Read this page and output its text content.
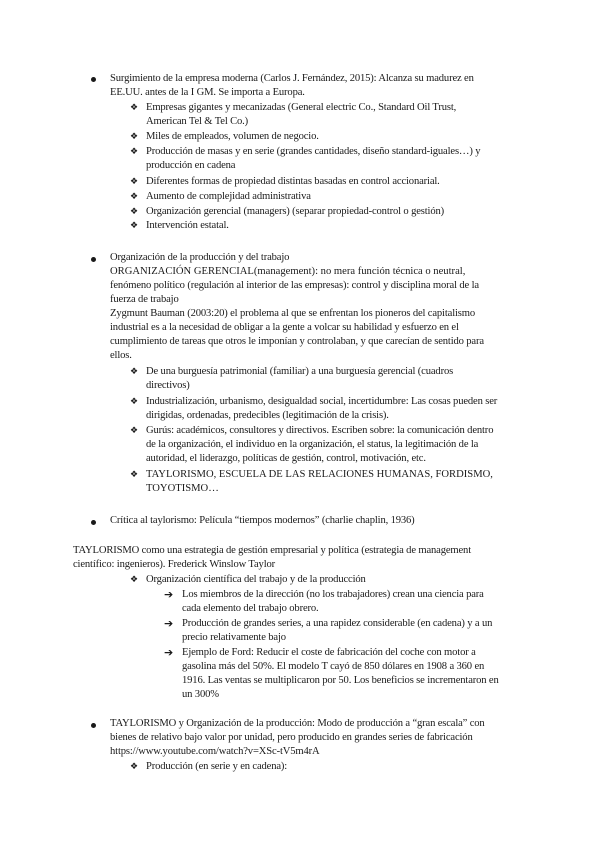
Surgimiento de la empresa moderna (Carlos J. Fernández, 2015): Alcanza su madurez en
EE.UU. antes de la I GM. Se importa a Europa.
❖ Empresas gigantes y mecanizadas (General electric Co., Standard Oil Trust,
American Tel & Tel Co.)
❖ Miles de empleados, volumen de negocio.
❖ Producción de masas y en serie (grandes cantidades, diseño standard-iguales…) y
producción en cadena
❖ Diferentes formas de propiedad distintas basadas en control accionarial.
❖ Aumento de complejidad administrativa
❖ Organización gerencial (managers) (separar propiedad-control o gestión)
❖ Intervención estatal.
Organización de la producción y del trabajo
ORGANIZACIÓN GERENCIAL(management): no mera función técnica o neutral,
fenómeno político (regulación al interior de las empresas): control y disciplina moral de la
fuerza de trabajo
Zygmunt Bauman (2003:20) el problema al que se enfrentan los pioneros del capitalismo
industrial es a la necesidad de obligar a la gente a volcar su habilidad y esfuerzo en el
cumplimiento de tareas que otros le imponían y controlaban, y que carecían de sentido para
ellos.
❖ De una burguesía patrimonial (familiar) a una burguesía gerencial (cuadros
directivos)
❖ Industrialización, urbanismo, desigualdad social, incertidumbre: Las cosas pueden ser
dirigidas, ordenadas, predecibles (legitimación de la crisis).
❖ Gurús: académicos, consultores y directivos. Escriben sobre: la comunicación dentro
de la organización, el individuo en la organización, el status, la legitimación de la
autoridad, el liderazgo, políticas de gestión, control, motivación, etc.
❖ TAYLORISMO, ESCUELA DE LAS RELACIONES HUMANAS, FORDISMO,
TOYOTISMO…
Crítica al taylorismo: Película “tiempos modernos” (charlie chaplin, 1936)
TAYLORISMO como una estrategia de gestión empresarial y política (estrategia de management
científico: ingenieros). Frederick Winslow Taylor
❖ Organización científica del trabajo y de la producción
➔ Los miembros de la dirección (no los trabajadores) crean una ciencia para
cada elemento del trabajo obrero.
➔ Producción de grandes series, a una rapidez considerable (en cadena) y a un
precio relativamente bajo
➔ Ejemplo de Ford: Reducir el coste de fabricación del coche con motor a
gasolina más del 50%. El modelo T cayó de 850 dólares en 1908 a 360 en
1916. Las ventas se multiplicaron por 50. Los beneficios se incrementaron en
un 300%
TAYLORISMO y Organización de la producción: Modo de producción a “gran escala” con
bienes de relativo bajo valor por unidad, pero producido en grandes series de fabricación
https://www.youtube.com/watch?v=XSc-tV5m4rA
❖ Producción (en serie y en cadena):
